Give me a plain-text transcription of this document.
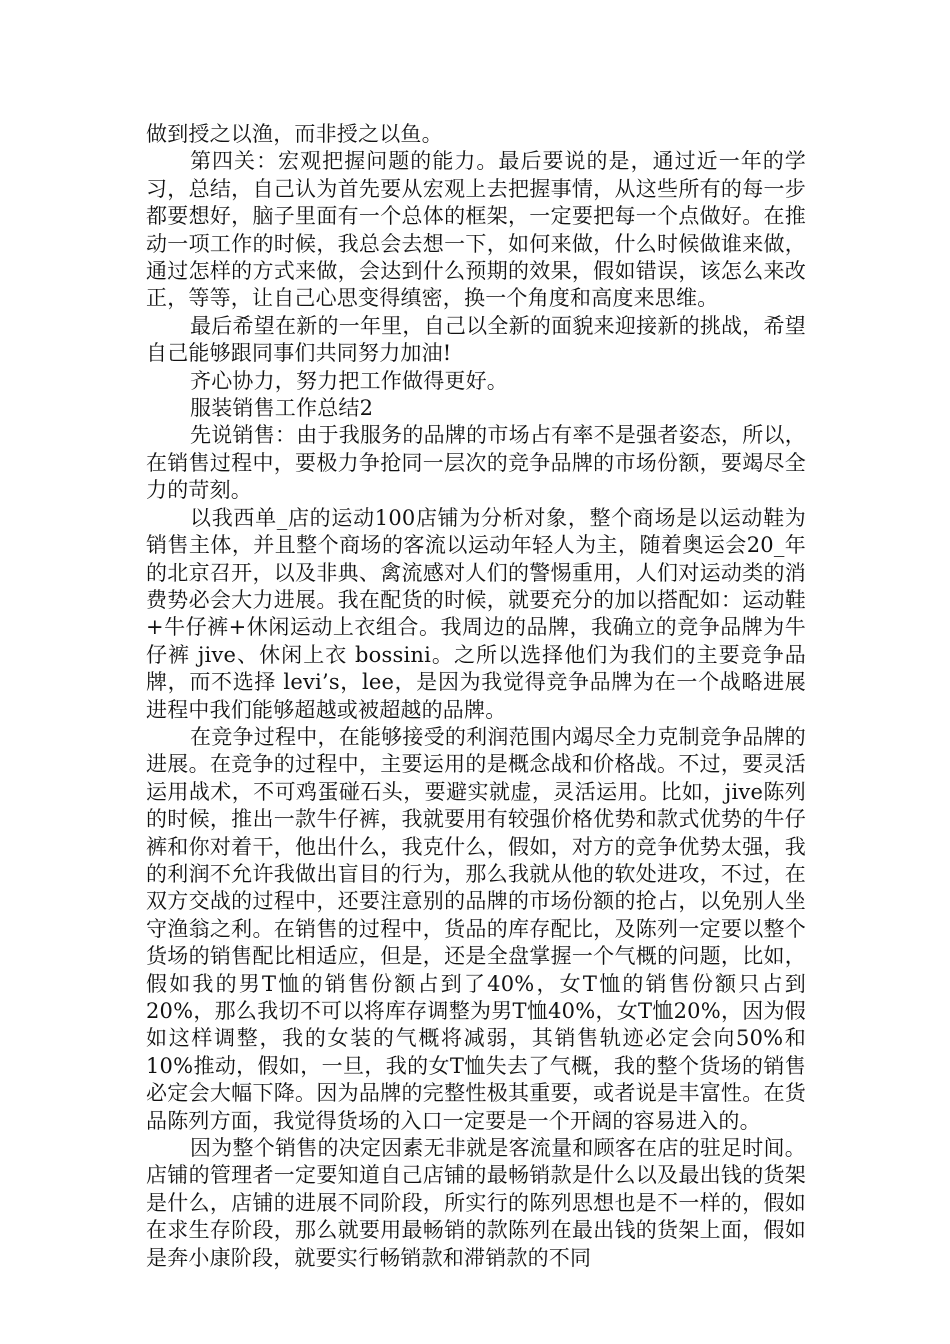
做到授之以渔，而非授之以鱼。

第四关：宏观把握问题的能力。最后要说的是，通过近一年的学习，总结，自己认为首先要从宏观上去把握事情，从这些所有的每一步都要想好，脑子里面有一个总体的框架，一定要把每一个点做好。在推动一项工作的时候，我总会去想一下，如何来做，什么时候做谁来做，通过怎样的方式来做，会达到什么预期的效果，假如错误，该怎么来改正，等等，让自己心思变得缜密，换一个角度和高度来思维。

最后希望在新的一年里，自己以全新的面貌来迎接新的挑战，希望自己能够跟同事们共同努力加油!

齐心协力，努力把工作做得更好。

服装销售工作总结2

先说销售：由于我服务的品牌的市场占有率不是强者姿态，所以，在销售过程中，要极力争抢同一层次的竞争品牌的市场份额，要竭尽全力的苛刻。

以我西单_店的运动100店铺为分析对象，整个商场是以运动鞋为销售主体，并且整个商场的客流以运动年轻人为主，随着奥运会20_年的北京召开，以及非典、禽流感对人们的警惕重用，人们对运动类的消费势必会大力进展。我在配货的时候，就要充分的加以搭配如：运动鞋+牛仔裤+休闲运动上衣组合。我周边的品牌，我确立的竞争品牌为牛仔裤 jive、休闲上衣 bossini。之所以选择他们为我们的主要竞争品牌，而不选择 levi’s，lee，是因为我觉得竞争品牌为在一个战略进展进程中我们能够超越或被超越的品牌。

在竞争过程中，在能够接受的利润范围内竭尽全力克制竞争品牌的进展。在竞争的过程中，主要运用的是概念战和价格战。不过，要灵活运用战术，不可鸡蛋碰石头，要避实就虚，灵活运用。比如，jive陈列的时候，推出一款牛仔裤，我就要用有较强价格优势和款式优势的牛仔裤和你对着干，他出什么，我克什么，假如，对方的竞争优势太强，我的利润不允许我做出盲目的行为，那么我就从他的软处进攻，不过，在双方交战的过程中，还要注意别的品牌的市场份额的抢占，以免别人坐守渔翁之利。在销售的过程中，货品的库存配比，及陈列一定要以整个货场的销售配比相适应，但是，还是全盘掌握一个气概的问题，比如，假如我的男T恤的销售份额占到了40%，女T恤的销售份额只占到20%，那么我切不可以将库存调整为男T恤40%，女T恤20%，因为假如这样调整，我的女装的气概将减弱，其销售轨迹必定会向50%和10%推动，假如，一旦，我的女T恤失去了气概，我的整个货场的销售必定会大幅下降。因为品牌的完整性极其重要，或者说是丰富性。在货品陈列方面，我觉得货场的入口一定要是一个开阔的容易进入的。

因为整个销售的决定因素无非就是客流量和顾客在店的驻足时间。店铺的管理者一定要知道自己店铺的最畅销款是什么以及最出钱的货架是什么，店铺的进展不同阶段，所实行的陈列思想也是不一样的，假如在求生存阶段，那么就要用最畅销的款陈列在最出钱的货架上面，假如是奔小康阶段，就要实行畅销款和滞销款的不同
